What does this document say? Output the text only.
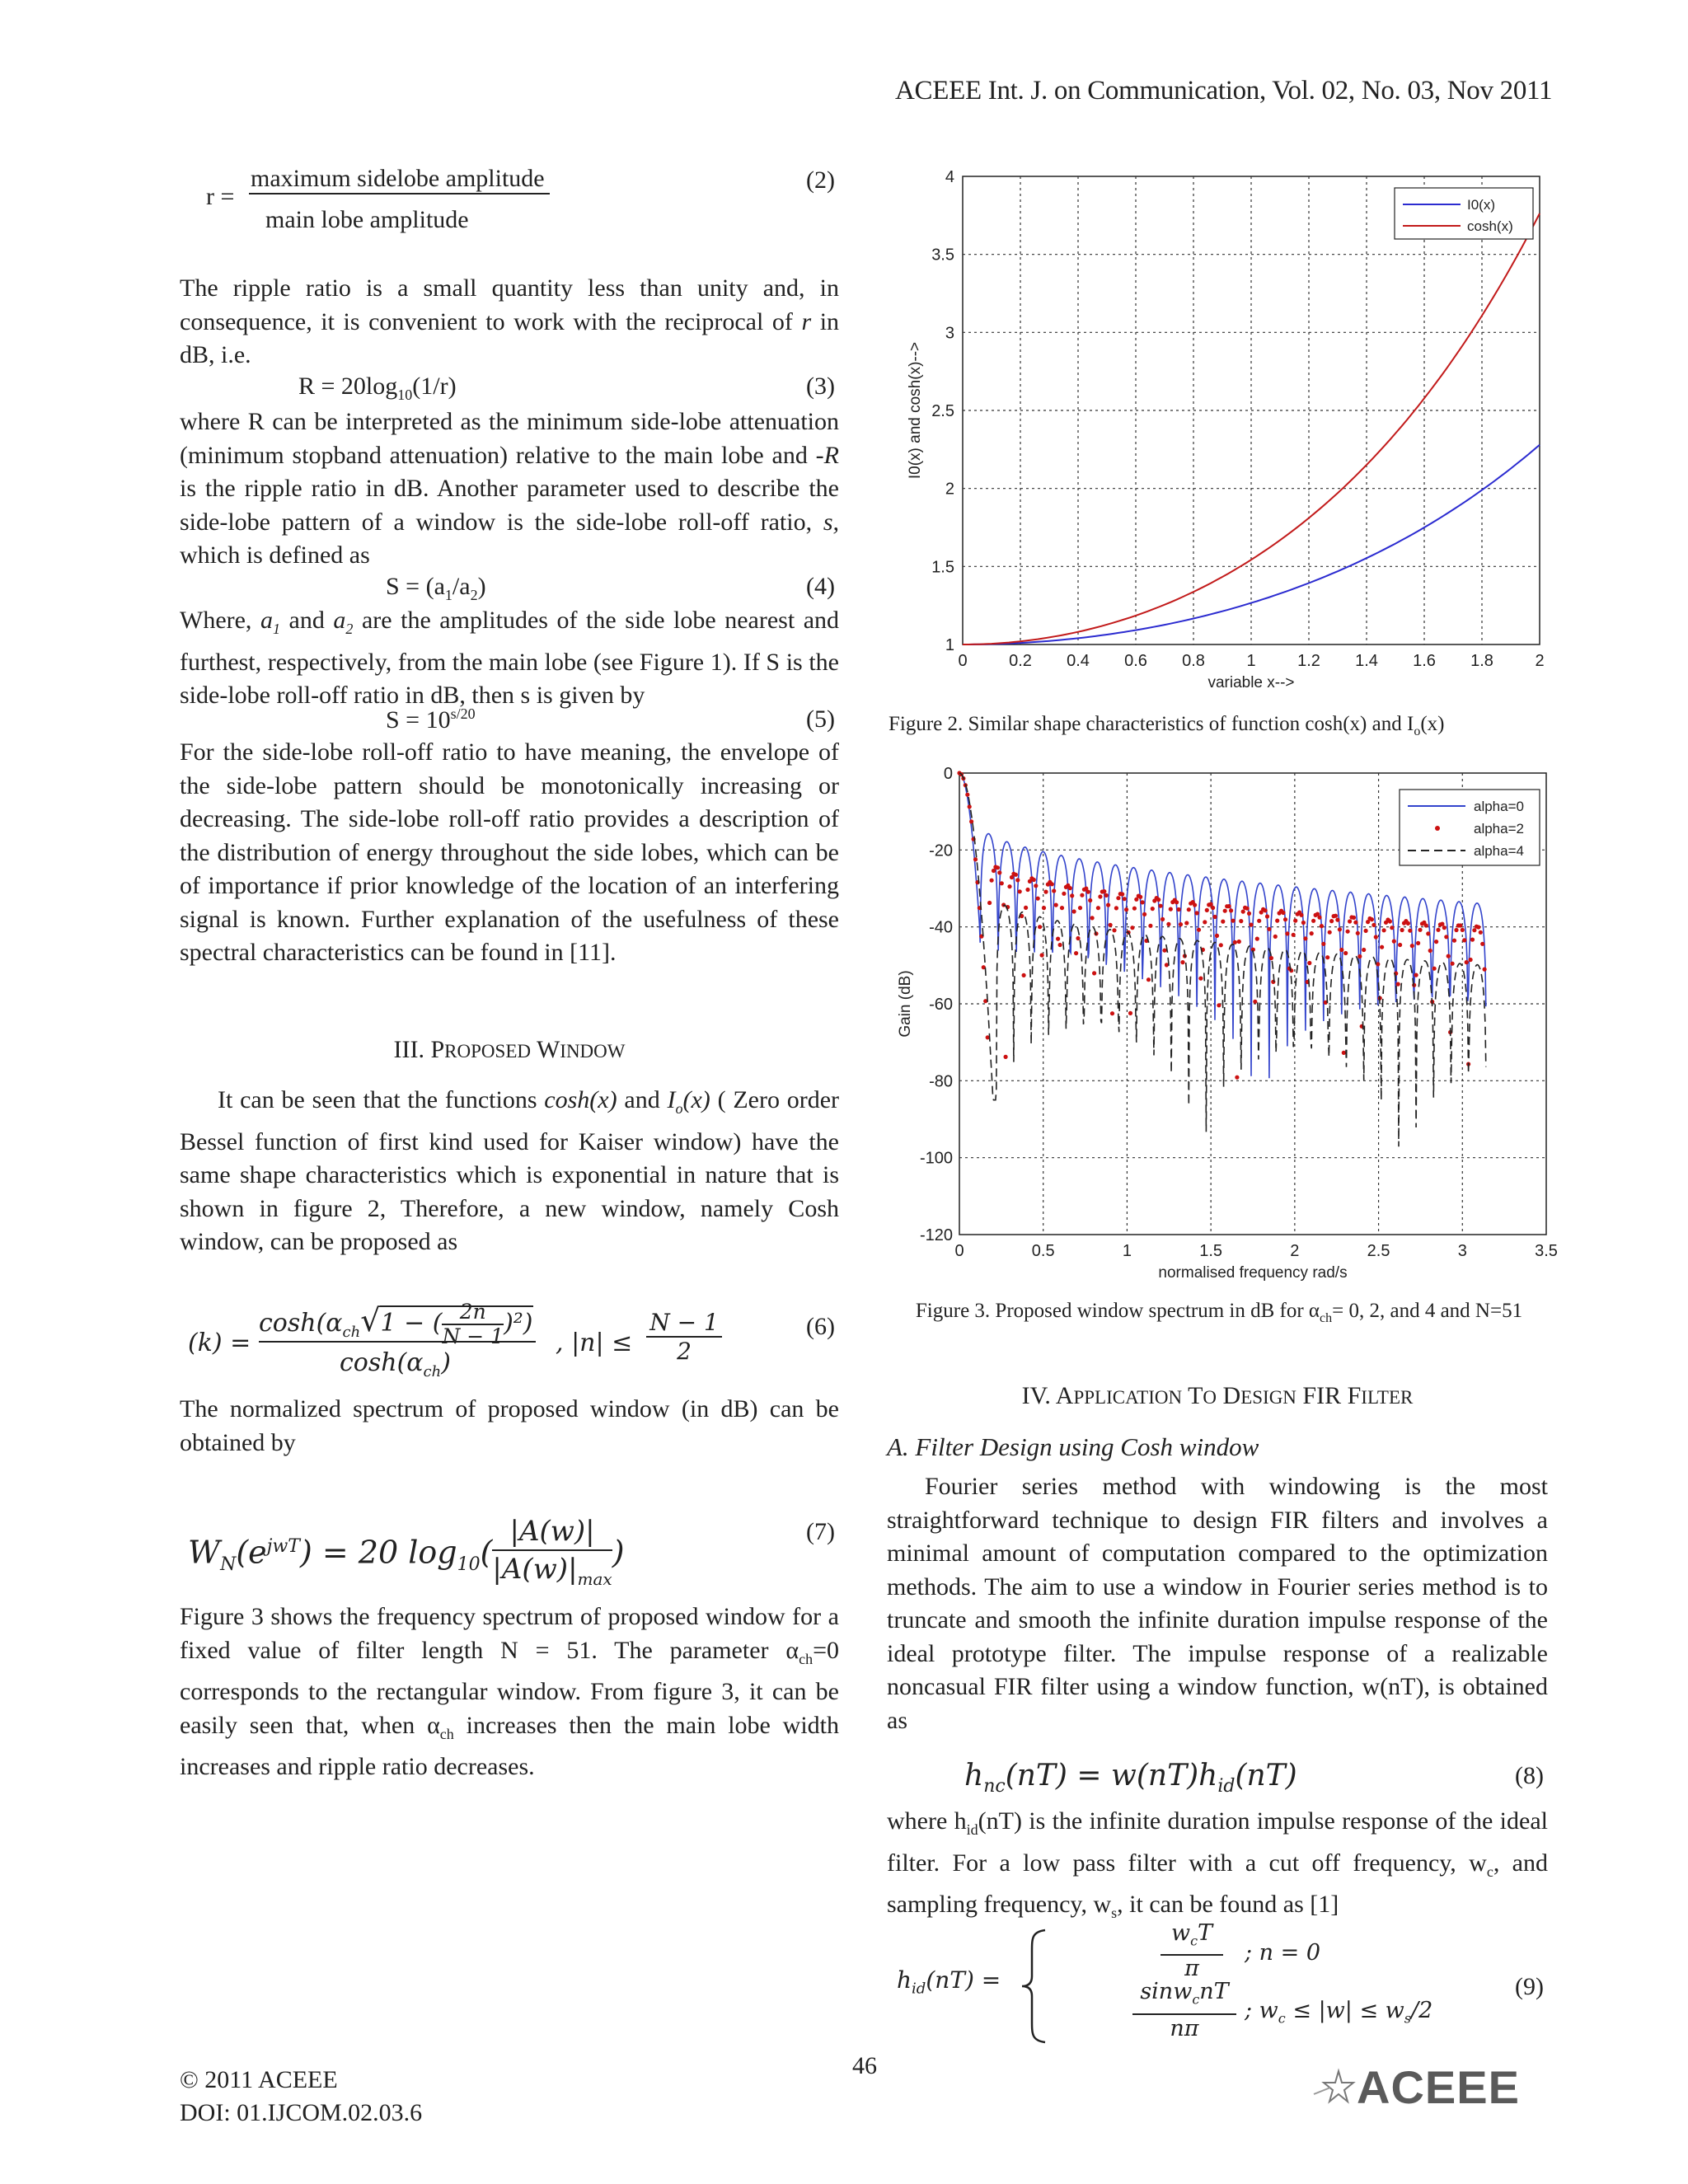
ACEEE Int. J. on Communication, Vol. 02, No. 03, Nov 2011
r =
maximum sidelobe amplitude
main lobe amplitude
(2)
The ripple ratio is a small quantity less than unity and, in consequence, it is convenient to work with the reciprocal of r in dB, i.e.
$R = 20\log_{10}(1/r)$	(3)
where R can be interpreted as the minimum side-lobe attenuation (minimum stopband attenuation) relative to the main lobe and -R is the ripple ratio in dB. Another parameter used to describe the side-lobe pattern of a window is the side-lobe roll-off ratio, s, which is defined as
$S = (a_1/a_2)$	(4)
Where, $a_1$ and $a_2$ are the amplitudes of the side lobe nearest and furthest, respectively, from the main lobe (see Figure 1). If S is the side-lobe roll-off ratio in dB, then s is given by
$S = 10^{s/20}$	(5)
For the side-lobe roll-off ratio to have meaning, the envelope of the side-lobe pattern should be monotonically increasing or decreasing. The side-lobe roll-off ratio provides a description of the distribution of energy throughout the side lobes, which can be of importance if prior knowledge of the location of an interfering signal is known. Further explanation of the usefulness of these spectral characteristics can be found in [11].
III. PROPOSED WINDOW
It can be seen that the functions cosh(x) and $I_o(x)$ ( Zero order Bessel function of first kind used for Kaiser window) have the same shape characteristics which is exponential in nature that is shown in figure 2, Therefore, a new window, namely Cosh window, can be proposed as
(k) =
$\cosh(\alpha_{ch}√1$ − ( $\frac{2n}{N - 1} )^2$)
$\cosh(\alpha_{ch})$
, |n| ≤
N − 1
2
(6)
The normalized spectrum of proposed window (in dB) can be obtained by
$W_N(e^{jwT}) = 20$ $\log_{10}$(
|A(w)|
$|A(w)|_{max}$
)
(7)
Figure 3 shows the frequency spectrum of proposed window for a fixed value of filter length N = 51. The parameter $\alpha_{ch}=0$ corresponds to the rectangular window. From figure 3, it can be easily seen that, when $\alpha_{ch}$ increases then the main lobe width increases and ripple ratio decreases.
0	0.2 0.4 0.6 0.8	1	1.2 1.4 1.6 1.8	2
1
1.5
2
2.5
3
3.5
4
variable x-->
I0(x) and cosh(x)-->
I0(x)
cosh(x)
Figure 2. Similar shape characteristics of function cosh(x) and $I_o(x)$
0	0.5	1	1.5	2	2.5	3	3.5
0
-20
-40
-60
-80
-100
-120
normalised frequency rad/s
Gain (dB)
alpha=0
alpha=2
alpha=4
Figure 3. Proposed window spectrum in dB for $\alpha_{ch}= 0$, 2, and 4 and N=51
IV. APPLICATION TO DESIGN FIR FILTER
A. Filter Design using Cosh window
Fourier series method with windowing is the most straightforward technique to design FIR filters and involves a minimal amount of computation compared to the optimization methods. The aim to use a window in Fourier series method is to truncate and smooth the infinite duration impulse response of the ideal prototype filter. The impulse response of a realizable noncasual FIR filter using a window function, w(nT), is obtained as
$h_{nc}(nT) = w(nT)h_{id}(nT)$	(8)
where $h_{id}(nT)$ is the infinite duration impulse response of the ideal filter. For a low pass filter with a cut off frequency, $w_c$, and sampling frequency, $w_s$, it can be found as [1]
$h_{id}(nT)$ =
$w_cT$
π
; n = 0
sinw$_c$nT
nπ
; $w_c \le |w| \le w_s/2$
(9)
© 2011 ACEEE
DOI: 01.IJCOM.02.03.6
46	ACEEE
